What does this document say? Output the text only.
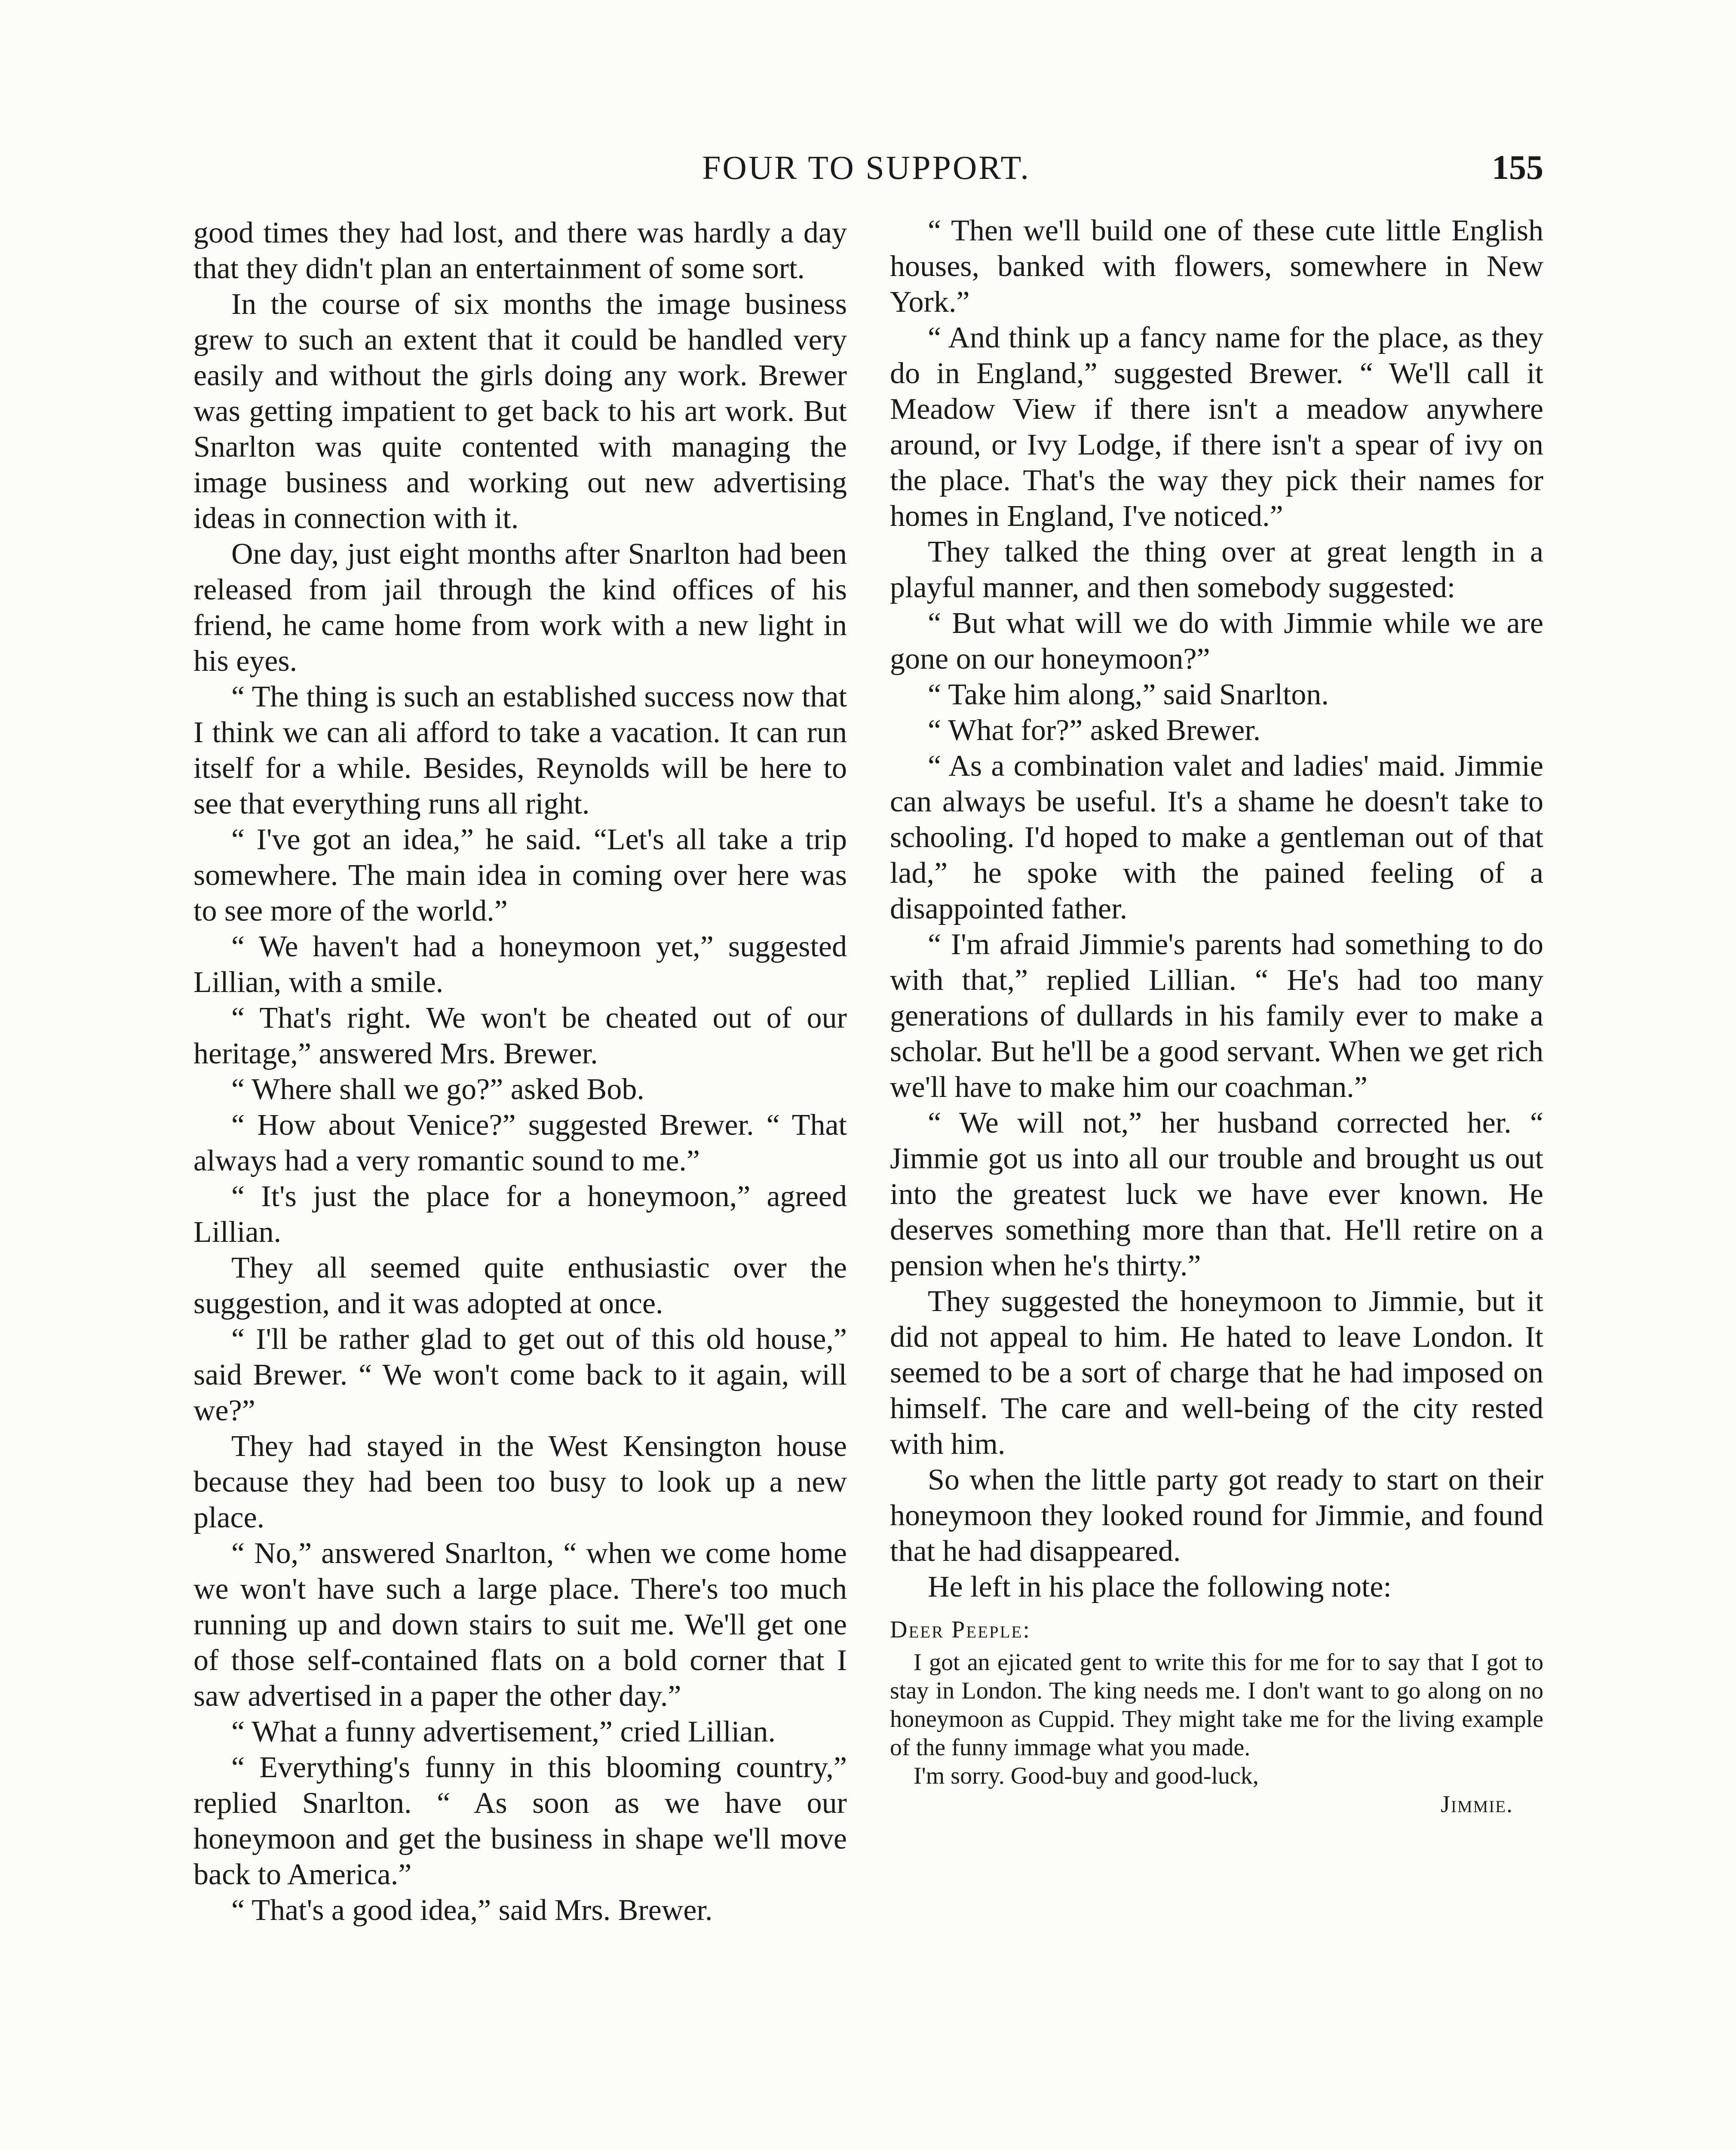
FOUR TO SUPPORT.	155

good times they had lost, and there was hardly a day that they didn't plan an entertainment of some sort.

In the course of six months the image business grew to such an extent that it could be handled very easily and without the girls doing any work. Brewer was getting impatient to get back to his art work. But Snarlton was quite contented with managing the image business and working out new advertising ideas in connection with it.

One day, just eight months after Snarlton had been released from jail through the kind offices of his friend, he came home from work with a new light in his eyes.

“ The thing is such an established success now that I think we can ali afford to take a vacation. It can run itself for a while. Besides, Reynolds will be here to see that everything runs all right.

“ I've got an idea,” he said. “Let's all take a trip somewhere. The main idea in coming over here was to see more of the world.”

“ We haven't had a honeymoon yet,” suggested Lillian, with a smile.

“ That's right. We won't be cheated out of our heritage,” answered Mrs. Brewer.

“ Where shall we go?” asked Bob.

“ How about Venice?” suggested Brewer. “ That always had a very romantic sound to me.”

“ It's just the place for a honeymoon,” agreed Lillian.

They all seemed quite enthusiastic over the suggestion, and it was adopted at once.

“ I'll be rather glad to get out of this old house,” said Brewer. “ We won't come back to it again, will we?”

They had stayed in the West Kensington house because they had been too busy to look up a new place.

“ No,” answered Snarlton, “ when we come home we won't have such a large place. There's too much running up and down stairs to suit me. We'll get one of those self-contained flats on a bold corner that I saw advertised in a paper the other day.”

“ What a funny advertisement,” cried Lillian.

“ Everything's funny in this blooming country,” replied Snarlton. “ As soon as we have our honeymoon and get the business in shape we'll move back to America.”

“ That's a good idea,” said Mrs. Brewer.

“ Then we'll build one of these cute little English houses, banked with flowers, somewhere in New York.”

“ And think up a fancy name for the place, as they do in England,” suggested Brewer. “ We'll call it Meadow View if there isn't a meadow anywhere around, or Ivy Lodge, if there isn't a spear of ivy on the place. That's the way they pick their names for homes in England, I've noticed.”

They talked the thing over at great length in a playful manner, and then somebody suggested:

“ But what will we do with Jimmie while we are gone on our honeymoon?”

“ Take him along,” said Snarlton.

“ What for?” asked Brewer.

“ As a combination valet and ladies' maid. Jimmie can always be useful. It's a shame he doesn't take to schooling. I'd hoped to make a gentleman out of that lad,” he spoke with the pained feeling of a disappointed father.

“ I'm afraid Jimmie's parents had something to do with that,” replied Lillian. “ He's had too many generations of dullards in his family ever to make a scholar. But he'll be a good servant. When we get rich we'll have to make him our coachman.”

“ We will not,” her husband corrected her. “ Jimmie got us into all our trouble and brought us out into the greatest luck we have ever known. He deserves something more than that. He'll retire on a pension when he's thirty.”

They suggested the honeymoon to Jimmie, but it did not appeal to him. He hated to leave London. It seemed to be a sort of charge that he had imposed on himself. The care and well-being of the city rested with him.

So when the little party got ready to start on their honeymoon they looked round for Jimmie, and found that he had disappeared.

He left in his place the following note:

Deer Peeple:

I got an ejicated gent to write this for me for to say that I got to stay in London. The king needs me. I don't want to go along on no honeymoon as Cuppid. They might take me for the living example of the funny immage what you made.

I'm sorry. Good-buy and good-luck,

Jimmie.
